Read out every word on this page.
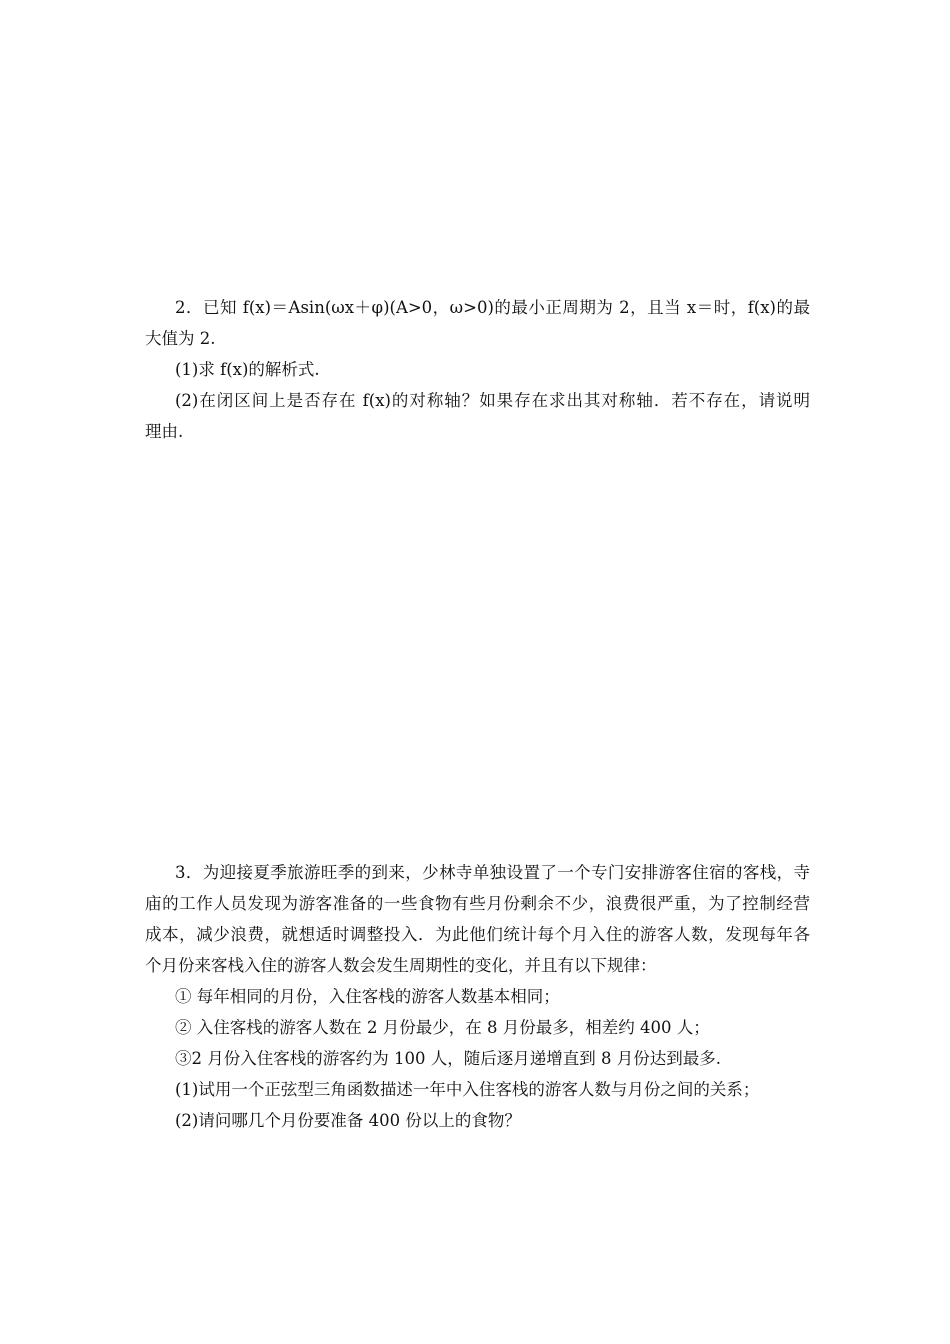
2．已知 f(x)＝Asin(ωx＋φ)(A>0，ω>0)的最小正周期为 2，且当 x＝时，f(x)的最
大值为 2.
(1)求 f(x)的解析式.
(2)在闭区间上是否存在 f(x)的对称轴？如果存在求出其对称轴．若不存在，请说明
理由.
3．为迎接夏季旅游旺季的到来，少林寺单独设置了一个专门安排游客住宿的客栈，寺
庙的工作人员发现为游客准备的一些食物有些月份剩余不少，浪费很严重，为了控制经营
成本，减少浪费，就想适时调整投入．为此他们统计每个月入住的游客人数，发现每年各
个月份来客栈入住的游客人数会发生周期性的变化，并且有以下规律：
① 每年相同的月份，入住客栈的游客人数基本相同；
② 入住客栈的游客人数在 2 月份最少，在 8 月份最多，相差约 400 人；
③2 月份入住客栈的游客约为 100 人，随后逐月递增直到 8 月份达到最多.
(1)试用一个正弦型三角函数描述一年中入住客栈的游客人数与月份之间的关系；
(2)请问哪几个月份要准备 400 份以上的食物？
